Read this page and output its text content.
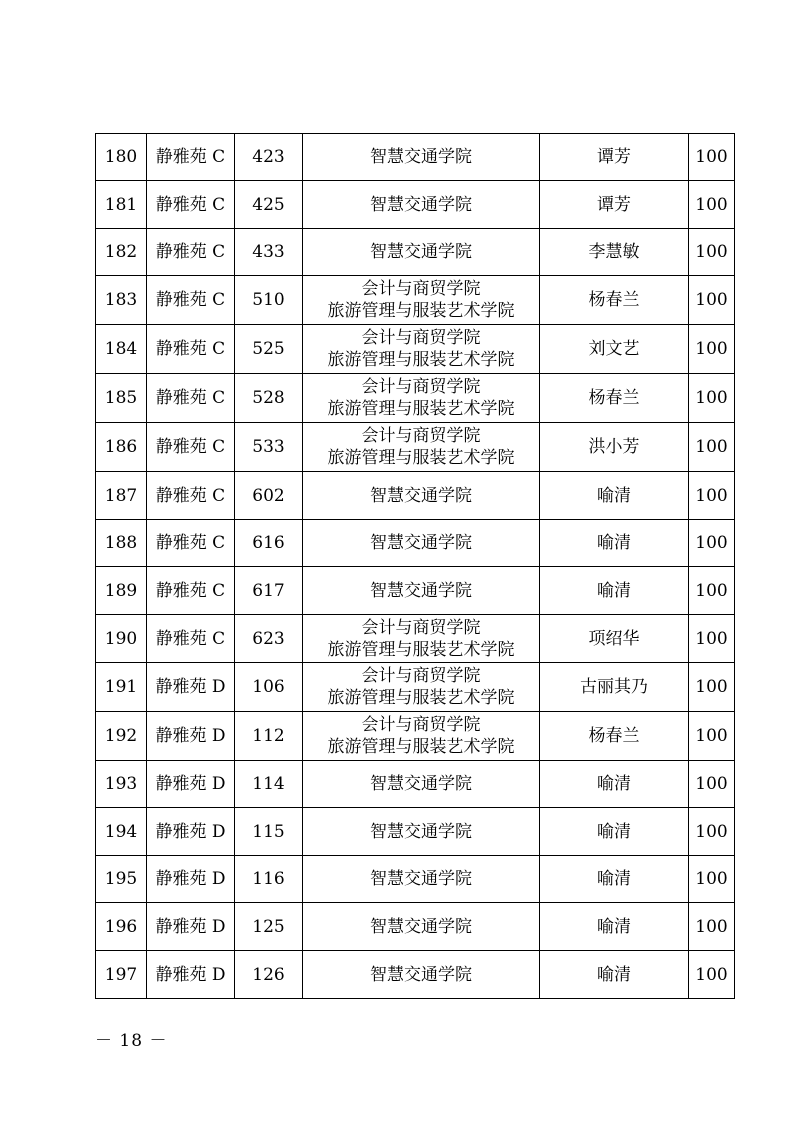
180	静雅苑 C	423	智慧交通学院	谭芳	100
181	静雅苑 C	425	智慧交通学院	谭芳	100
182	静雅苑 C	433	智慧交通学院	李慧敏	100
183	静雅苑 C	510	会计与商贸学院
旅游管理与服装艺术学院	杨春兰	100
184	静雅苑 C	525	会计与商贸学院
旅游管理与服装艺术学院	刘文艺	100
185	静雅苑 C	528	会计与商贸学院
旅游管理与服装艺术学院	杨春兰	100
186	静雅苑 C	533	会计与商贸学院
旅游管理与服装艺术学院	洪小芳	100
187	静雅苑 C	602	智慧交通学院	喻清	100
188	静雅苑 C	616	智慧交通学院	喻清	100
189	静雅苑 C	617	智慧交通学院	喻清	100
190	静雅苑 C	623	会计与商贸学院
旅游管理与服装艺术学院	项绍华	100
191	静雅苑 D	106	会计与商贸学院
旅游管理与服装艺术学院	古丽其乃	100
192	静雅苑 D	112	会计与商贸学院
旅游管理与服装艺术学院	杨春兰	100
193	静雅苑 D	114	智慧交通学院	喻清	100
194	静雅苑 D	115	智慧交通学院	喻清	100
195	静雅苑 D	116	智慧交通学院	喻清	100
196	静雅苑 D	125	智慧交通学院	喻清	100
197	静雅苑 D	126	智慧交通学院	喻清	100
－ 18 －
